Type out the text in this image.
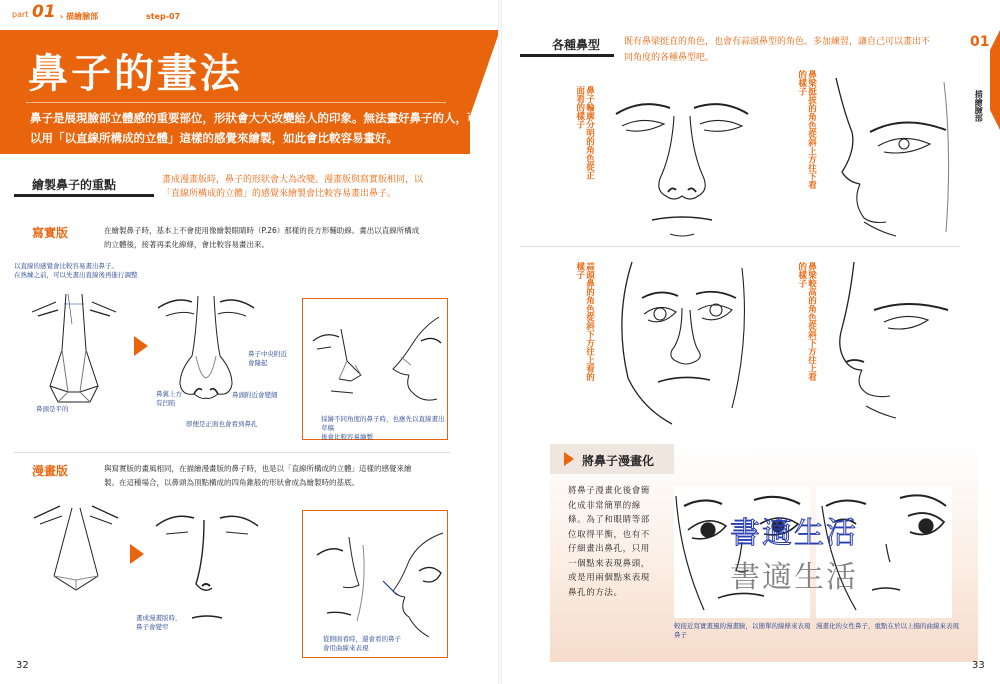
part 01 › 描繪臉部	step-07
鼻子的畫法
鼻子是展現臉部立體感的重要部位，形狀會大大改變給人的印象。無法畫好鼻子的人，可
以用「以直線所構成的立體」這樣的感覺來繪製，如此會比較容易畫好。
繪製鼻子的重點	畫成漫畫版時，鼻子的形狀會大為改變。漫畫版與寫實版相同，以
「直線所構成的立體」的感覺來繪製會比較容易畫出鼻子。
寫實版	在繪製鼻子時，基本上不會使用像繪製眼睛時（P.26）那樣的長方形輔助線。畫出以直線所構成
的立體後，接著再柔化線條，會比較容易畫出來。
以直線的感覺會比較容易畫出鼻子。
在熟練之前，可以先畫出直線後再進行調整
鼻頭是平的
鼻子中央附近
會隆起
鼻翼上方
有凹陷
鼻頭附近會變細
即便是正面也會看到鼻孔
採繪不同角度的鼻子時，也應先以直線畫出草稿
後會比較容易繪製
漫畫版	與寫實版的畫風相同，在描繪漫畫版的鼻子時，也是以「直線所構成的立體」這樣的感覺來繪
製。在這種場合，以鼻頭為頂點構成的四角錐般的形狀會成為繪製時的基底。
畫成漫畫版時，
鼻子會變窄
從側面看時，還會看的鼻子
會用曲線來表現
32
各種鼻型	既有鼻梁挺直的角色，也會有蒜頭鼻型的角色。多加練習，讓自己可以畫出不
同角度的各種鼻型吧。
01
描繪臉部
鼻子輪廓分明的角色從正面看的樣子	鼻梁挺拔的角色從斜上方往下看的樣子
蒜頭鼻的角色從斜下方往上看的樣子	鼻梁較高的角色從斜下方往上看的樣子
將鼻子漫畫化
將鼻子漫畫化後會簡
化成非常簡單的線
條。為了和眼睛等部
位取得平衡，也有不
仔細畫出鼻孔，只用
一個點來表現鼻頭，
或是用兩個點來表現
鼻孔的方法。
較接近寫實畫風的漫畫臉，以簡單的線條來表現
鼻子
漫畫化的女性鼻子，重點在於以上揚的曲線來表現
書適生活
書適生活
33
